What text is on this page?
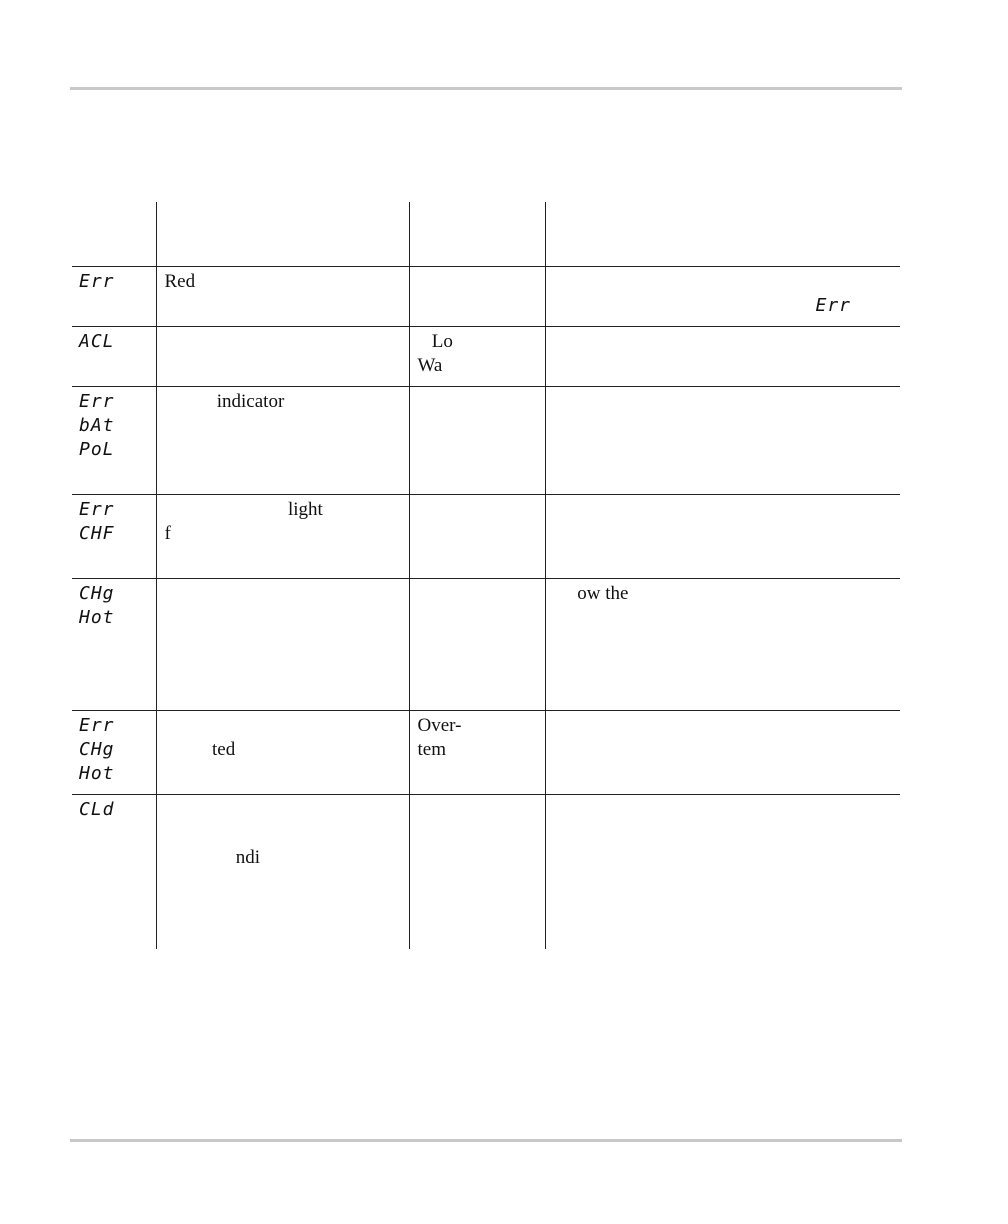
Err	Red		Err

ACL		Lo
Wa	

Err
bAt
PoL	indicator		

Err
CHF	light
f		

CHg
Hot			ow the

Err
CHg
Hot	ted	Over-
tem	

CLd	ndi		
